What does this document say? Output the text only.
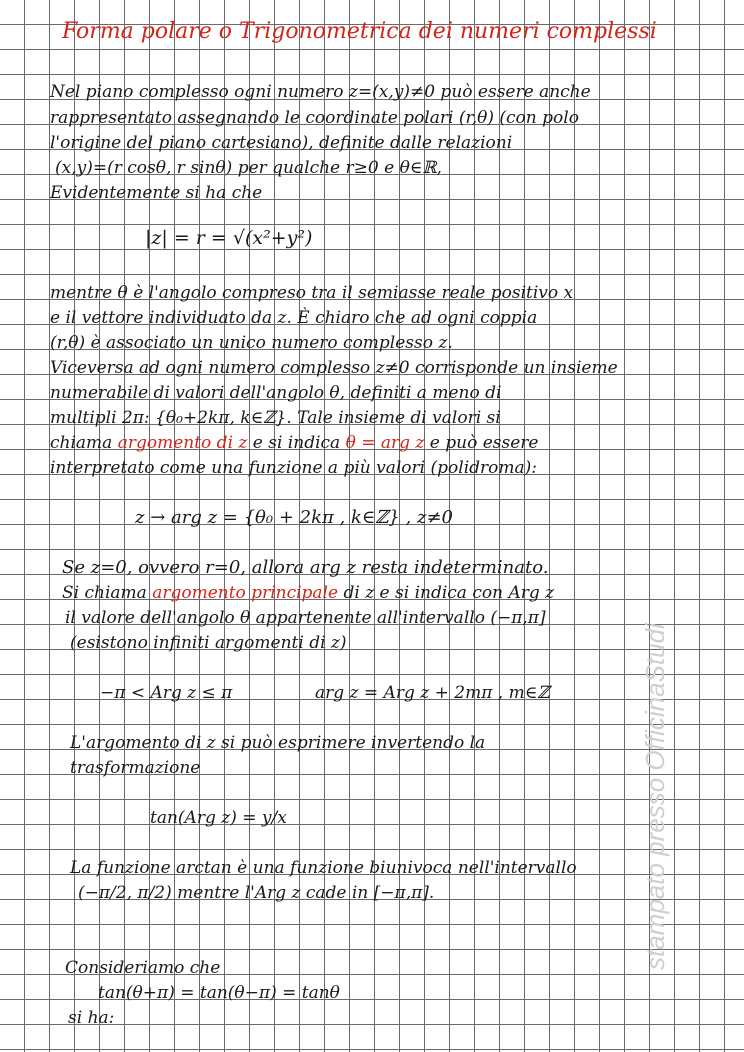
stampato presso OfficinaStudi
Forma polare o Trigonometrica dei numeri complessi
Nel piano complesso ogni numero z=(x,y)≠0 può essere anche
rappresentato assegnando le coordinate polari (r,θ) (con polo
l'origine del piano cartesiano), definite dalle relazioni
(x,y)=(r cosθ, r sinθ) per qualche r≥0 e θ∈ℝ,
Evidentemente si ha che
|z| = r = √(x²+y²)
mentre θ è l'angolo compreso tra il semiasse reale positivo x
e il vettore individuato da z. È chiaro che ad ogni coppia
(r,θ) è associato un unico numero complesso z.
Viceversa ad ogni numero complesso z≠0 corrisponde un insieme
numerabile di valori dell'angolo θ, definiti a meno di
multipli 2π: {θ₀+2kπ, k∈ℤ}. Tale insieme di valori si
chiama argomento di z e si indica θ = arg z e può essere
interpretato come una funzione a più valori (polidroma):
z → arg z = {θ₀ + 2kπ , k∈ℤ} , z≠0
Se z=0, ovvero r=0, allora arg z resta indeterminato.
Si chiama argomento principale di z e si indica con Arg z
il valore dell'angolo θ appartenente all'intervallo (−π,π]
(esistono infiniti argomenti di z)
−π < Arg z ≤ π	arg z = Arg z + 2mπ , m∈ℤ
L'argomento di z si può esprimere invertendo la
trasformazione
tan(Arg z) = y/x
La funzione arctan è una funzione biunivoca nell'intervallo
(−π/2, π/2) mentre l'Arg z cade in [−π,π].
Consideriamo che
tan(θ+π) = tan(θ−π) = tanθ
si ha:
